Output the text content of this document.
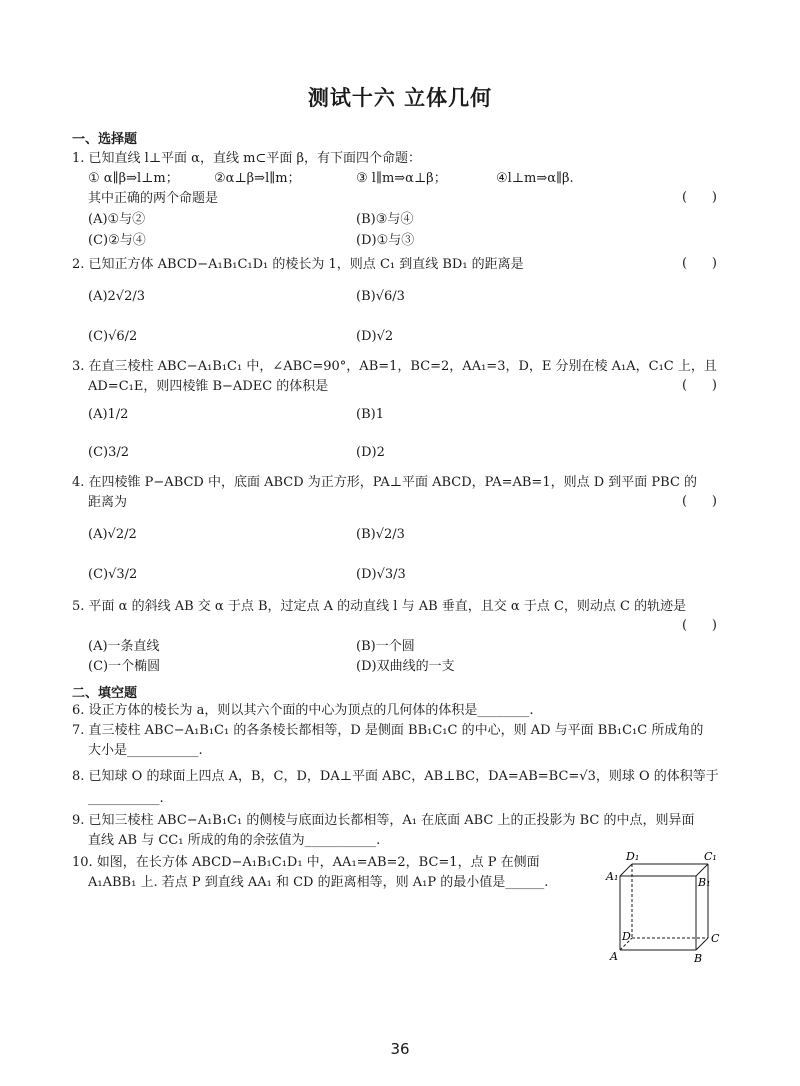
测试十六 立体几何
一、选择题
1. 已知直线 l⊥平面 α，直线 m⊂平面 β，有下面四个命题：
① α∥β⇒l⊥m；	②α⊥β⇒l∥m；	③ l∥m⇒α⊥β；	④l⊥m⇒α∥β.
其中正确的两个命题是	(      )
(A)①与②	(B)③与④
(C)②与④	(D)①与③
2. 已知正方体 ABCD−A₁B₁C₁D₁ 的棱长为 1，则点 C₁ 到直线 BD₁ 的距离是	(      )
(A)2√2/3	(B)√6/3
(C)√6/2	(D)√2
3. 在直三棱柱 ABC−A₁B₁C₁ 中，∠ABC=90°，AB=1，BC=2，AA₁=3，D，E 分别在棱 A₁A，C₁C 上，且
AD=C₁E，则四棱锥 B−ADEC 的体积是	(      )
(A)1/2	(B)1
(C)3/2	(D)2
4. 在四棱锥 P−ABCD 中，底面 ABCD 为正方形，PA⊥平面 ABCD，PA=AB=1，则点 D 到平面 PBC 的
距离为	(      )
(A)√2/2	(B)√2/3
(C)√3/2	(D)√3/3
5. 平面 α 的斜线 AB 交 α 于点 B，过定点 A 的动直线 l 与 AB 垂直，且交 α 于点 C，则动点 C 的轨迹是
(      )
(A)一条直线	(B)一个圆
(C)一个椭圆	(D)双曲线的一支
二、填空题
6. 设正方体的棱长为 a，则以其六个面的中心为顶点的几何体的体积是________.
7. 直三棱柱 ABC−A₁B₁C₁ 的各条棱长都相等，D 是侧面 BB₁C₁C 的中心，则 AD 与平面 BB₁C₁C 所成角的
大小是___________.
8. 已知球 O 的球面上四点 A，B，C，D，DA⊥平面 ABC，AB⊥BC，DA=AB=BC=√3，则球 O 的体积等于
___________.
9. 已知三棱柱 ABC−A₁B₁C₁ 的侧棱与底面边长都相等，A₁ 在底面 ABC 上的正投影为 BC 的中点，则异面
直线 AB 与 CC₁ 所成的角的余弦值为___________.
10. 如图，在长方体 ABCD−A₁B₁C₁D₁ 中，AA₁=AB=2，BC=1，点 P 在侧面
A₁ABB₁ 上. 若点 P 到直线 AA₁ 和 CD 的距离相等，则 A₁P 的最小值是______.
D₁	C₁
A₁	B₁
D	C
A	B
36
